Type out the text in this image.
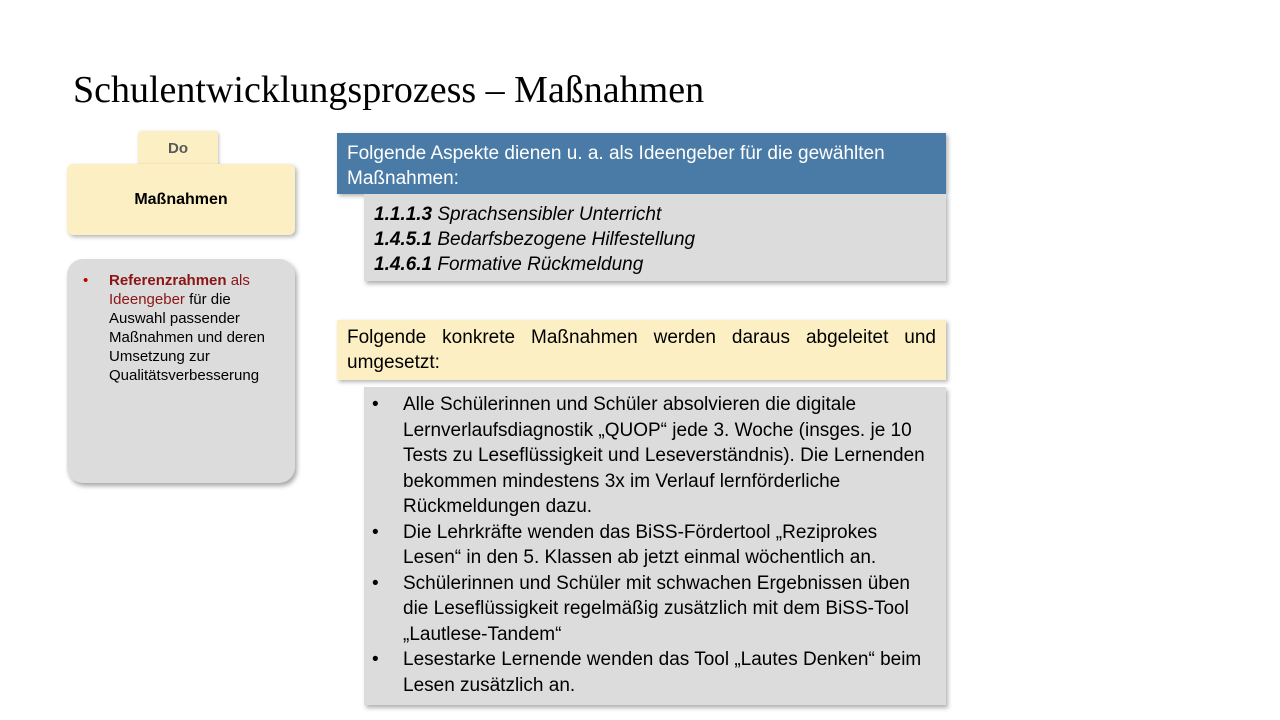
Schulentwicklungsprozess – Maßnahmen
Do
Maßnahmen
•	Referenzrahmen als Ideengeber für die Auswahl passender Maßnahmen und deren Umsetzung zur Qualitätsverbesserung
Folgende Aspekte dienen u. a. als Ideengeber für die gewählten Maßnahmen:
1.1.1.3 Sprachsensibler Unterricht
1.4.5.1 Bedarfsbezogene Hilfestellung
1.4.6.1 Formative Rückmeldung
Folgende konkrete Maßnahmen werden daraus abgeleitet und umgesetzt:
•	Alle Schülerinnen und Schüler absolvieren die digitale Lernverlaufsdiagnostik „QUOP“ jede 3. Woche (insges. je 10 Tests zu Leseflüssigkeit und Leseverständnis). Die Lernenden bekommen mindestens 3x im Verlauf lernförderliche Rückmeldungen dazu.
•	Die Lehrkräfte wenden das BiSS-Fördertool „Reziprokes Lesen“ in den 5. Klassen ab jetzt einmal wöchentlich an.
•	Schülerinnen und Schüler mit schwachen Ergebnissen üben die Leseflüssigkeit regelmäßig zusätzlich mit dem BiSS-Tool „Lautlese-Tandem“
•	Lesestarke Lernende wenden das Tool „Lautes Denken“ beim Lesen zusätzlich an.
